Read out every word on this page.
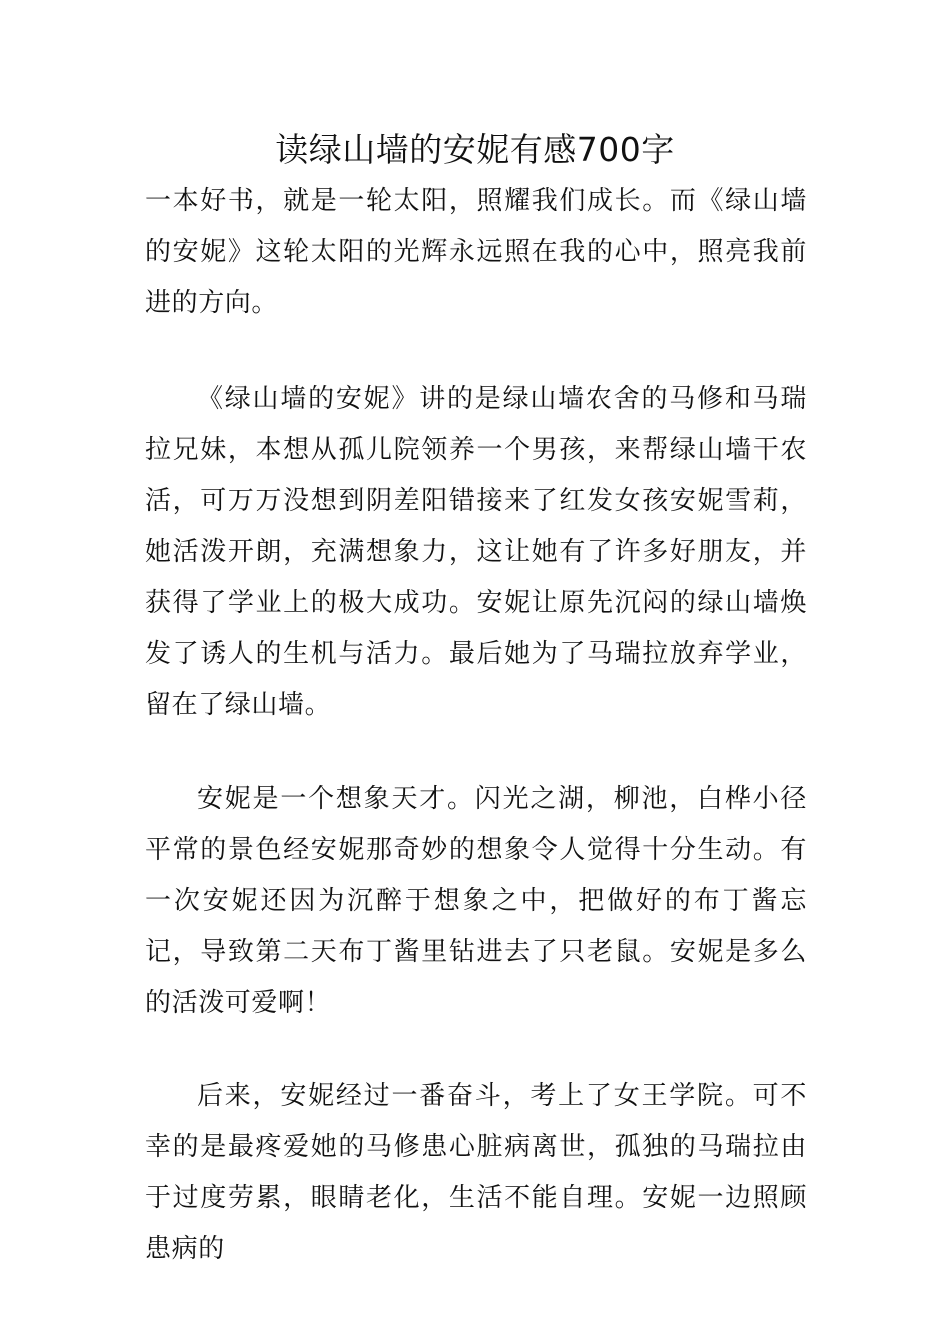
读绿山墙的安妮有感700字
一本好书，就是一轮太阳，照耀我们成长。而《绿山墙的安妮》这轮太阳的光辉永远照在我的心中，照亮我前进的方向。
《绿山墙的安妮》讲的是绿山墙农舍的马修和马瑞拉兄妹，本想从孤儿院领养一个男孩，来帮绿山墙干农活，可万万没想到阴差阳错接来了红发女孩安妮雪莉，她活泼开朗，充满想象力，这让她有了许多好朋友，并获得了学业上的极大成功。安妮让原先沉闷的绿山墙焕发了诱人的生机与活力。最后她为了马瑞拉放弃学业，留在了绿山墙。
安妮是一个想象天才。闪光之湖，柳池，白桦小径平常的景色经安妮那奇妙的想象令人觉得十分生动。有一次安妮还因为沉醉于想象之中，把做好的布丁酱忘记，导致第二天布丁酱里钻进去了只老鼠。安妮是多么的活泼可爱啊！
后来，安妮经过一番奋斗，考上了女王学院。可不幸的是最疼爱她的马修患心脏病离世，孤独的马瑞拉由于过度劳累，眼睛老化，生活不能自理。安妮一边照顾患病的
